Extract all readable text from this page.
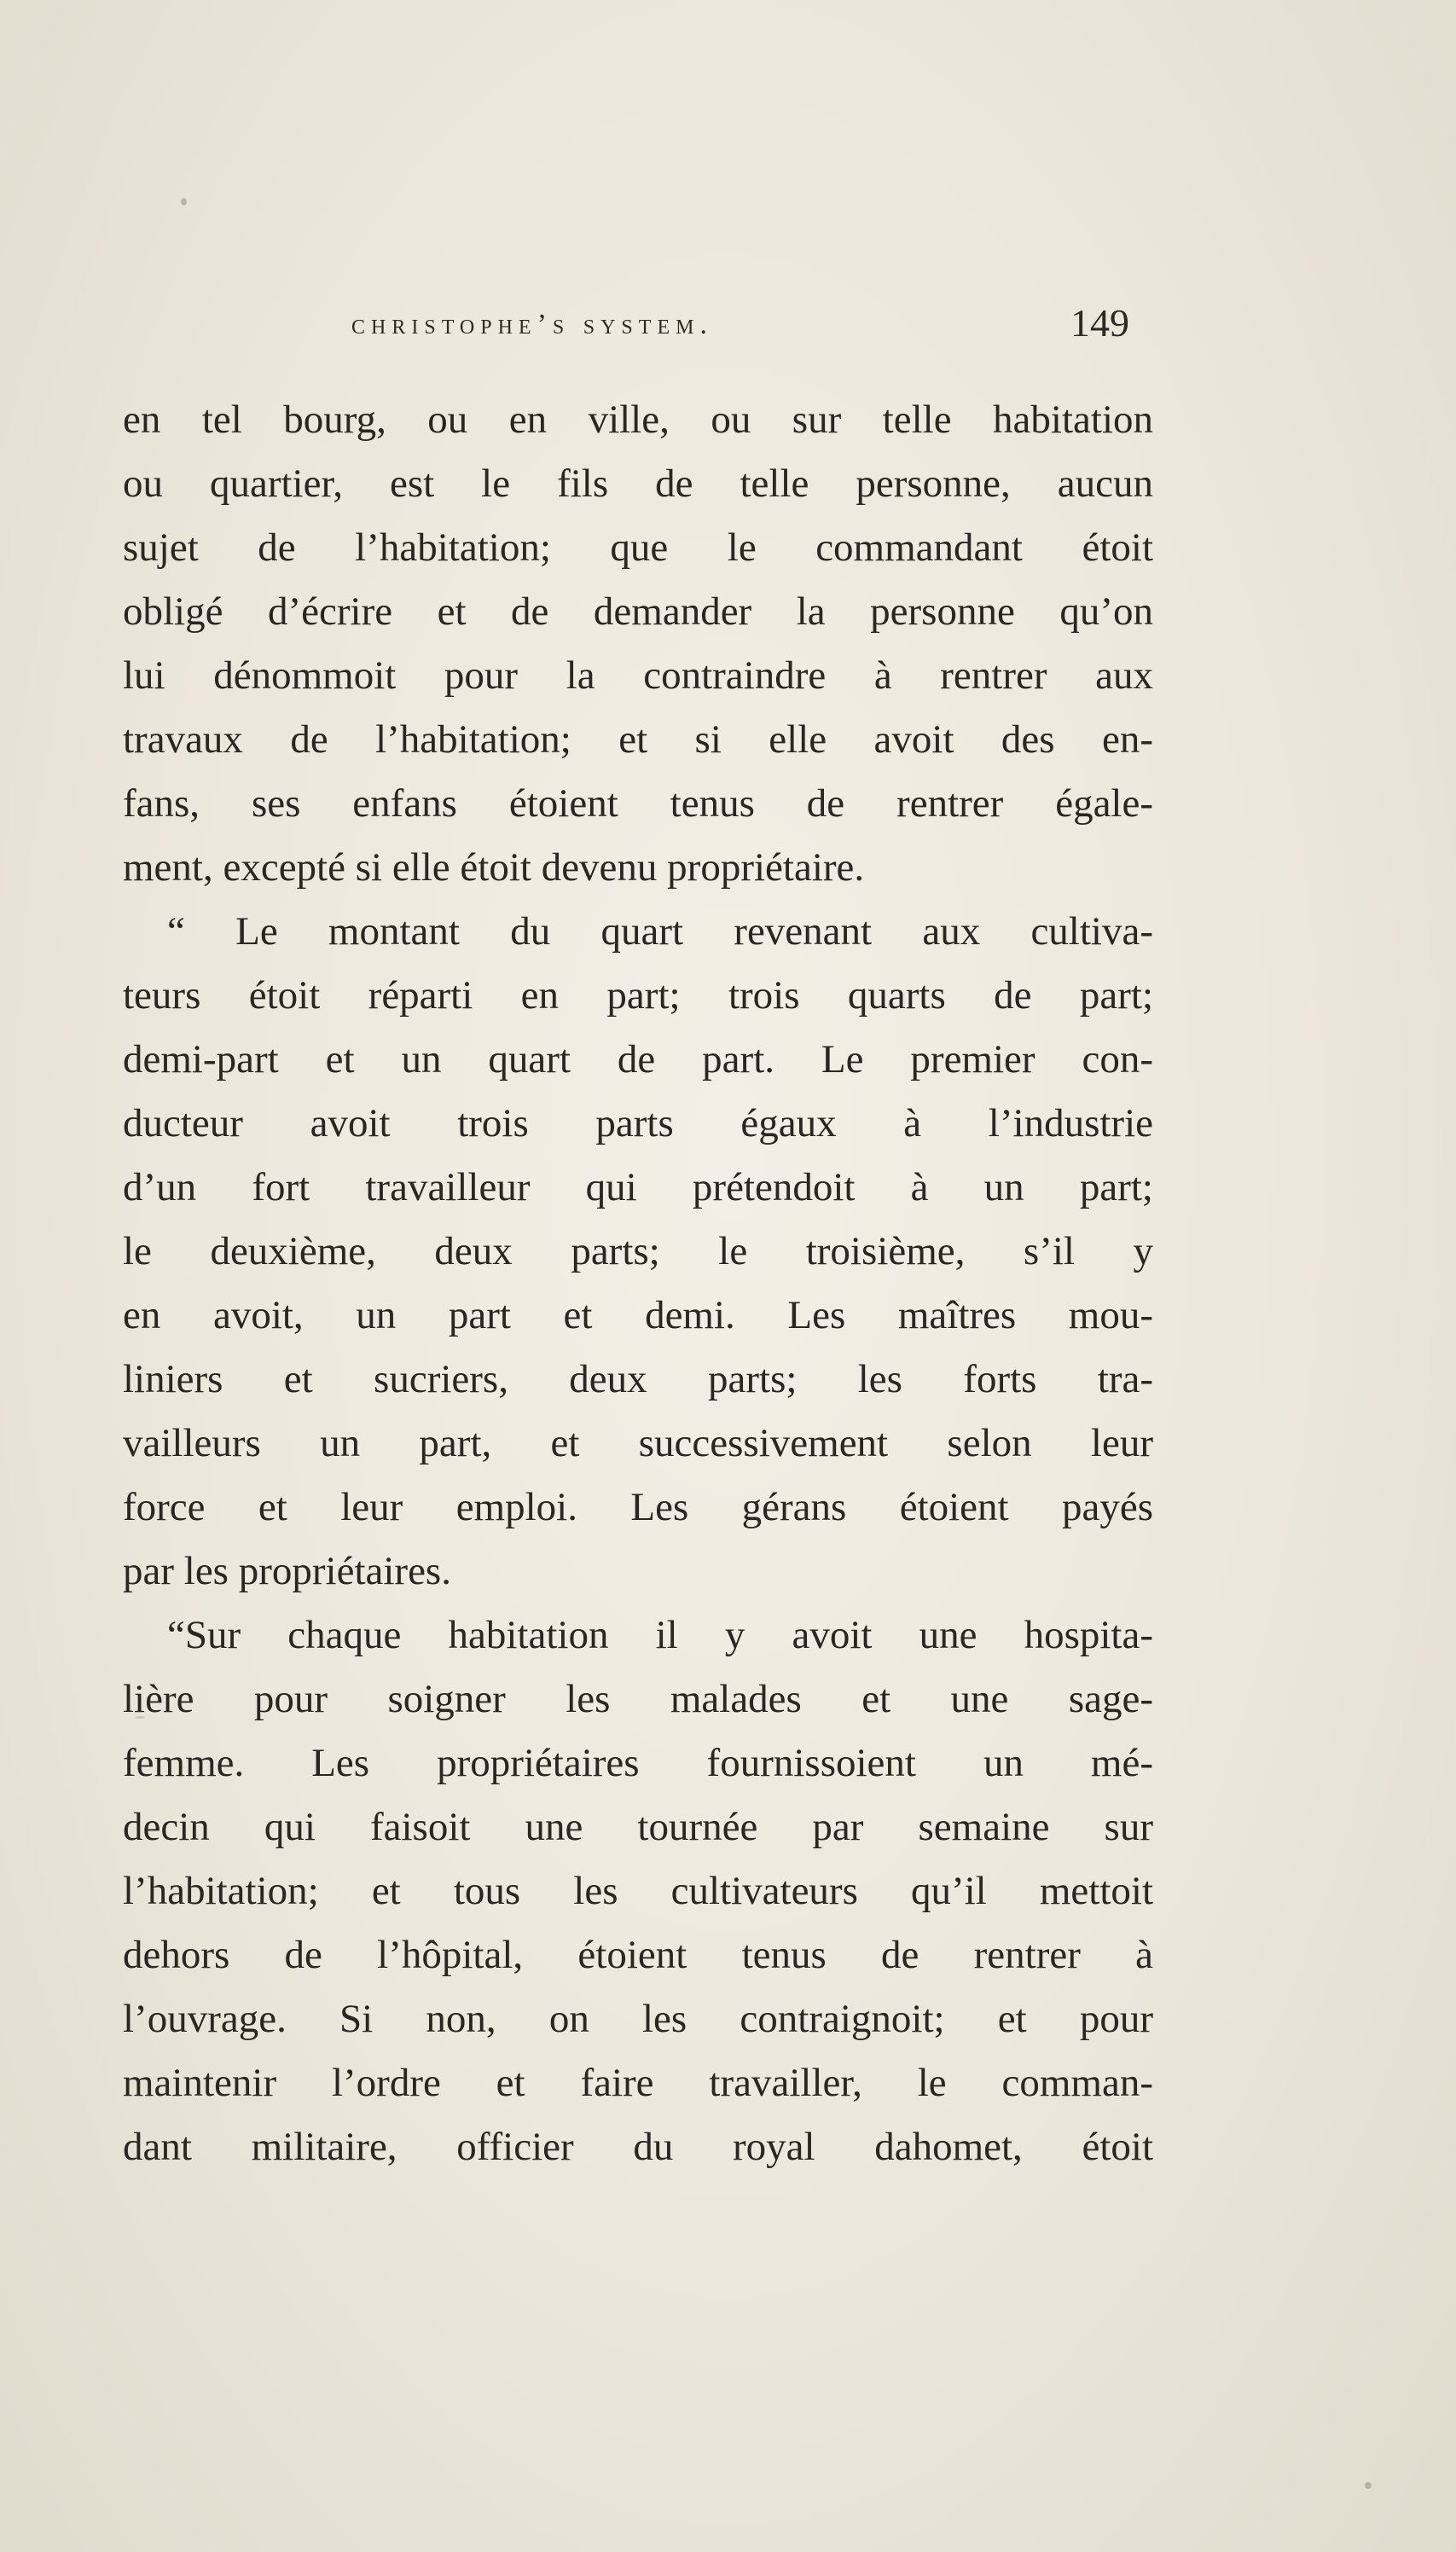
christophe’s system.	149
en tel bourg, ou en ville, ou sur telle habitation
ou quartier, est le fils de telle personne, aucun
sujet de l’habitation; que le commandant étoit
obligé d’écrire et de demander la personne qu’on
lui dénommoit pour la contraindre à rentrer aux
travaux de l’habitation; et si elle avoit des en-
fans, ses enfans étoient tenus de rentrer égale-
ment, excepté si elle étoit devenu propriétaire.
“ Le montant du quart revenant aux cultiva-
teurs étoit réparti en part; trois quarts de part;
demi-part et un quart de part. Le premier con-
ducteur avoit trois parts égaux à l’industrie
d’un fort travailleur qui prétendoit à un part;
le deuxième, deux parts; le troisième, s’il y
en avoit, un part et demi. Les maîtres mou-
liniers et sucriers, deux parts; les forts tra-
vailleurs un part, et successivement selon leur
force et leur emploi. Les gérans étoient payés
par les propriétaires.
“Sur chaque habitation il y avoit une hospita-
lière pour soigner les malades et une sage-
femme. Les propriétaires fournissoient un mé-
decin qui faisoit une tournée par semaine sur
l’habitation; et tous les cultivateurs qu’il mettoit
dehors de l’hôpital, étoient tenus de rentrer à
l’ouvrage. Si non, on les contraignoit; et pour
maintenir l’ordre et faire travailler, le comman-
dant militaire, officier du royal dahomet, étoit
